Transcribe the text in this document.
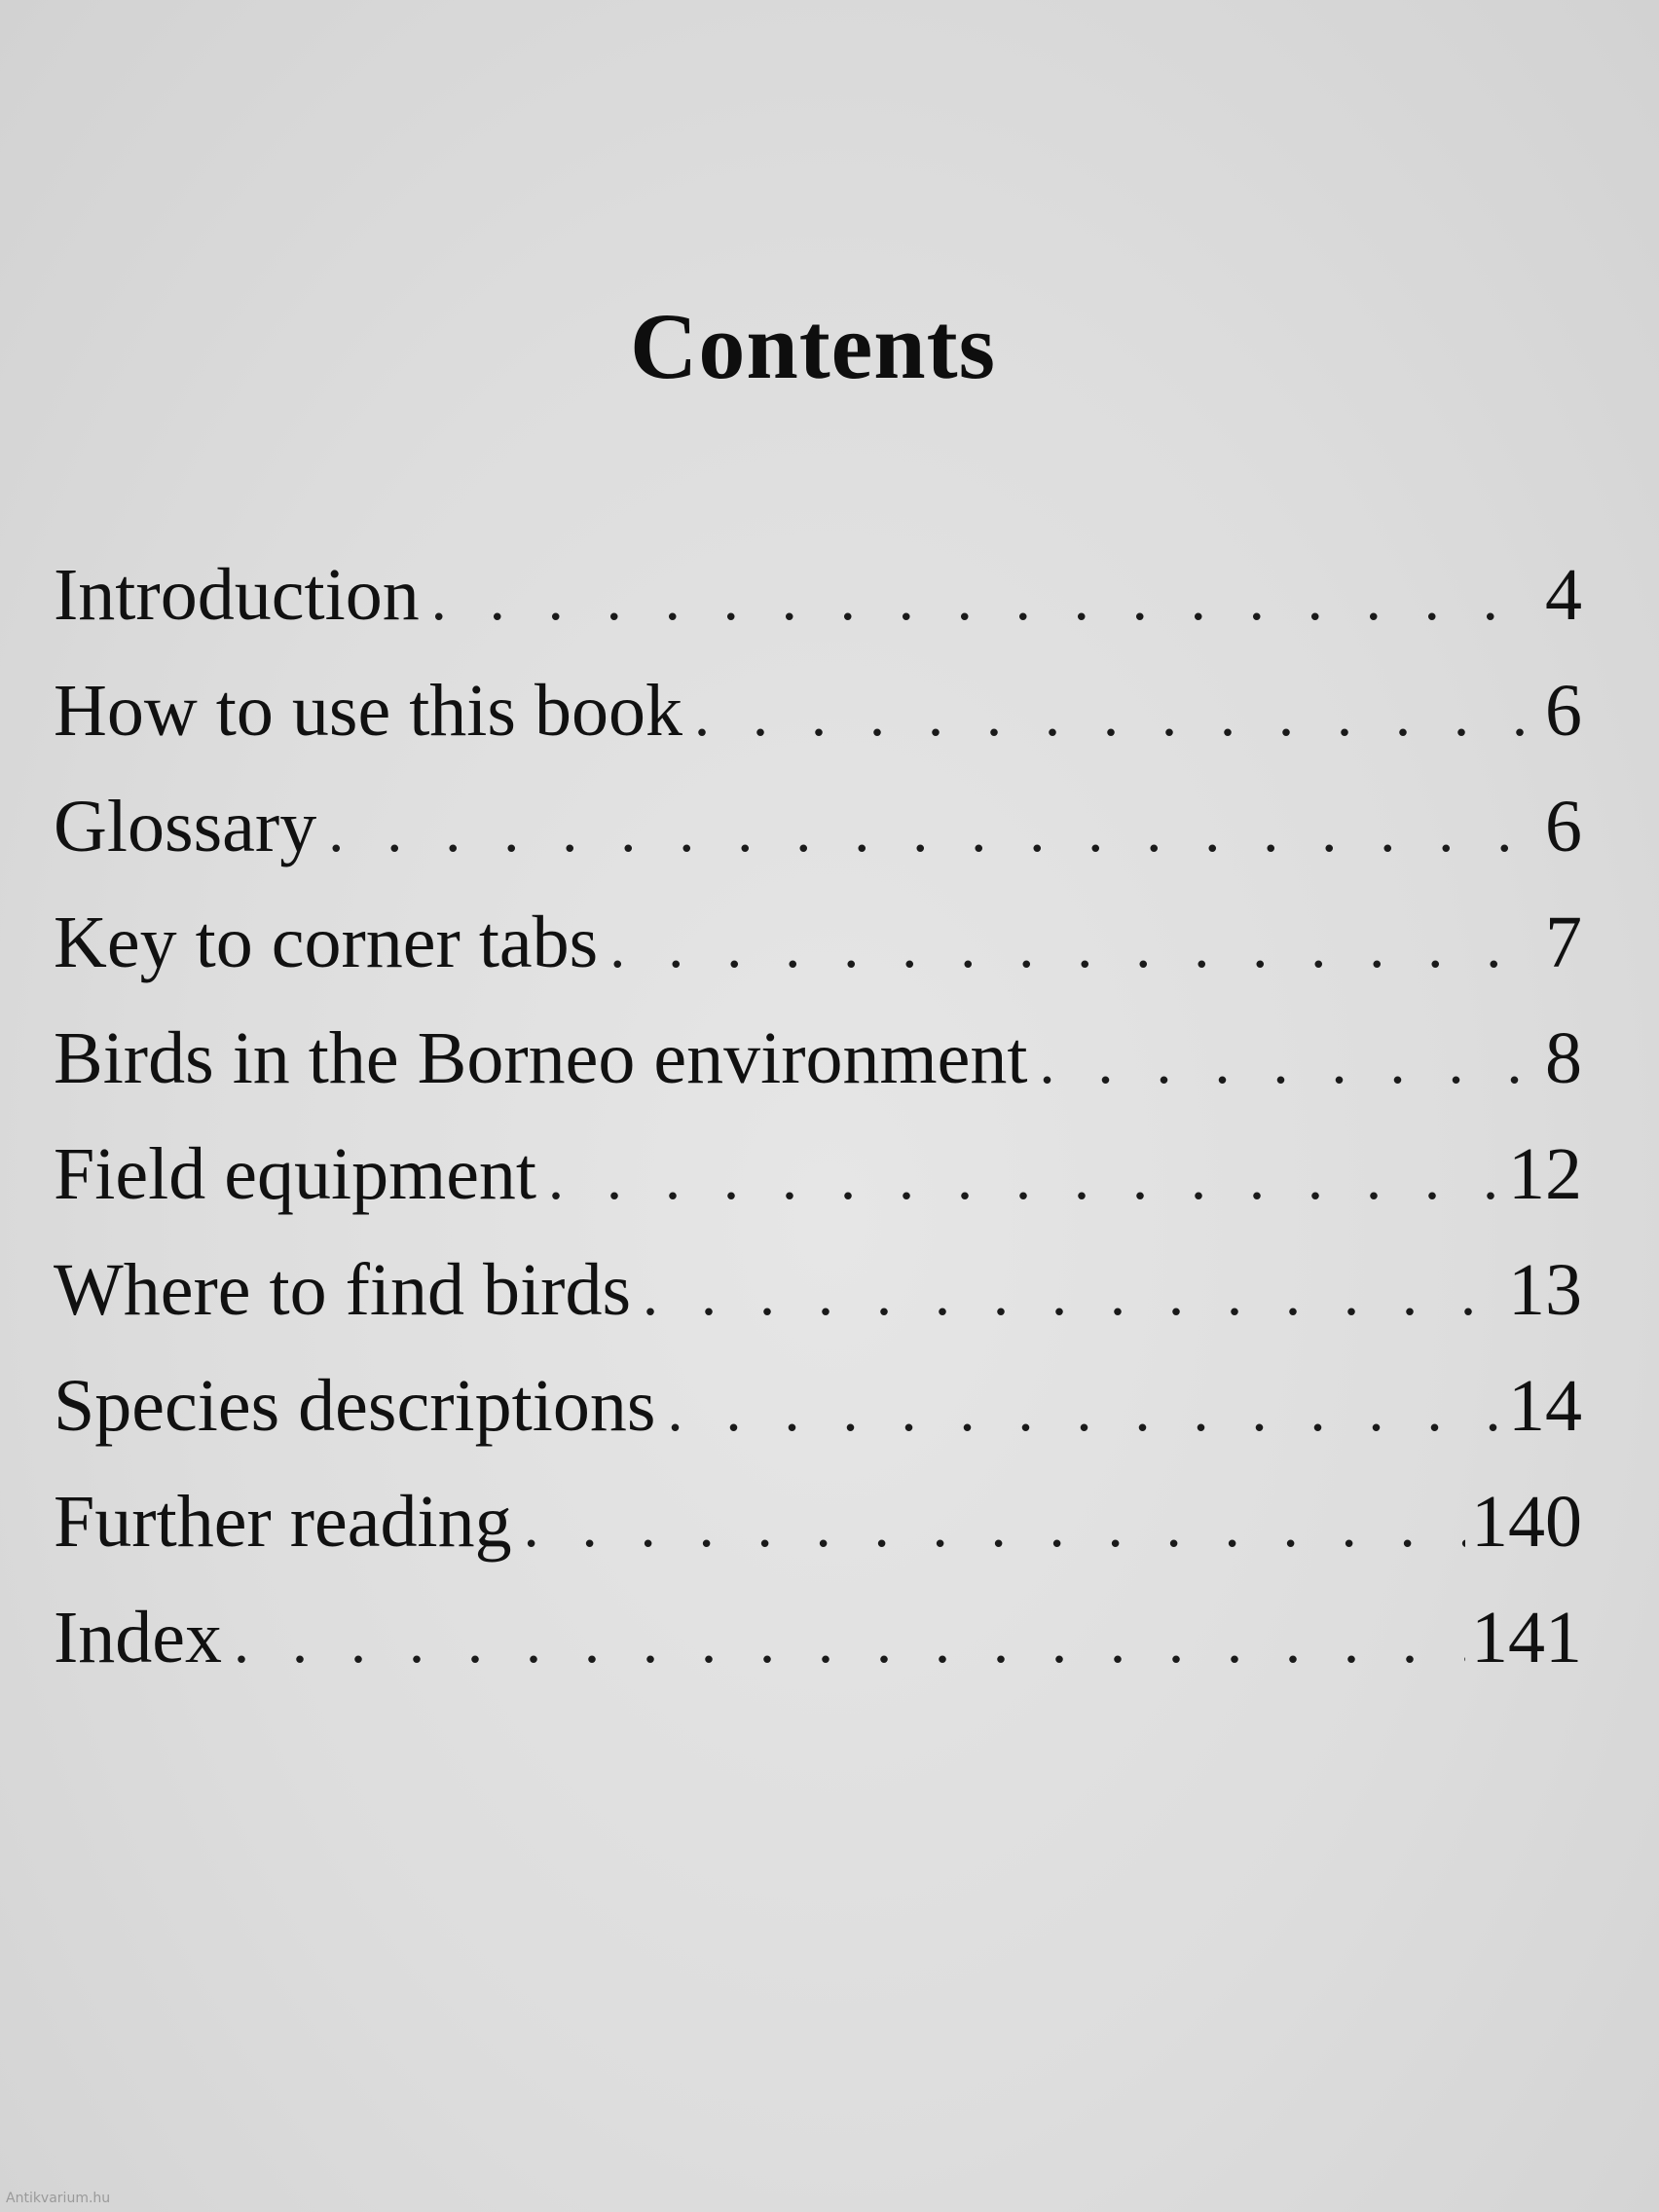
Contents
Introduction . . .	4
How to use this book . . .	6
Glossary . . .	6
Key to corner tabs . . .	7
Birds in the Borneo environment . . .	8
Field equipment . . .	12
Where to find birds . . .	13
Species descriptions . . .	14
Further reading . . .	140
Index . . .	141
Antikvarium.hu
